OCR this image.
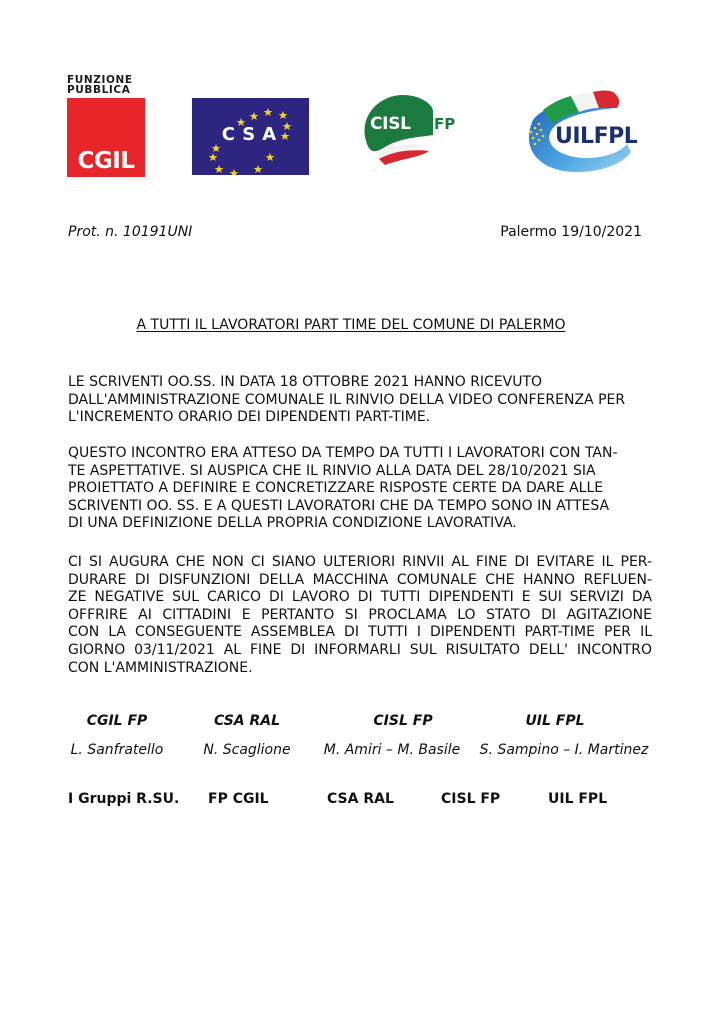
FUNZIONE
PUBBLICA
CGIL
CSA	CISL FP	UILFPL
Prot. n. 10191UNI	Palermo 19/10/2021
A TUTTI IL LAVORATORI PART TIME DEL COMUNE DI PALERMO
LE SCRIVENTI OO.SS. IN DATA 18 OTTOBRE 2021 HANNO RICEVUTO
DALL'AMMINISTRAZIONE COMUNALE IL RINVIO DELLA VIDEO CONFERENZA PER
L'INCREMENTO ORARIO DEI DIPENDENTI PART-TIME.
QUESTO INCONTRO ERA ATTESO DA TEMPO DA TUTTI I LAVORATORI CON TAN-
TE ASPETTATIVE. SI AUSPICA CHE IL RINVIO ALLA DATA DEL 28/10/2021 SIA
PROIETTATO A DEFINIRE E CONCRETIZZARE RISPOSTE CERTE DA DARE ALLE
SCRIVENTI OO. SS. E A QUESTI LAVORATORI CHE DA TEMPO SONO IN ATTESA
DI UNA DEFINIZIONE DELLA PROPRIA CONDIZIONE LAVORATIVA.
CI SI AUGURA CHE NON CI SIANO ULTERIORI RINVII AL FINE DI EVITARE IL PER-
DURARE DI DISFUNZIONI DELLA MACCHINA COMUNALE CHE HANNO REFLUEN-
ZE NEGATIVE SUL CARICO DI LAVORO DI TUTTI DIPENDENTI E SUI SERVIZI DA
OFFRIRE AI CITTADINI E PERTANTO SI PROCLAMA LO STATO DI AGITAZIONE
CON LA CONSEGUENTE ASSEMBLEA DI TUTTI I DIPENDENTI PART-TIME PER IL
GIORNO 03/11/2021 AL FINE DI INFORMARLI SUL RISULTATO DELL' INCONTRO
CON L'AMMINISTRAZIONE.
CGIL FP	CSA RAL	CISL FP	UIL FPL
L. Sanfratello	N. Scaglione	M. Amiri – M. Basile	S. Sampino – I. Martinez
I Gruppi R.SU. FP CGIL	CSA RAL	CISL FP	UIL FPL
